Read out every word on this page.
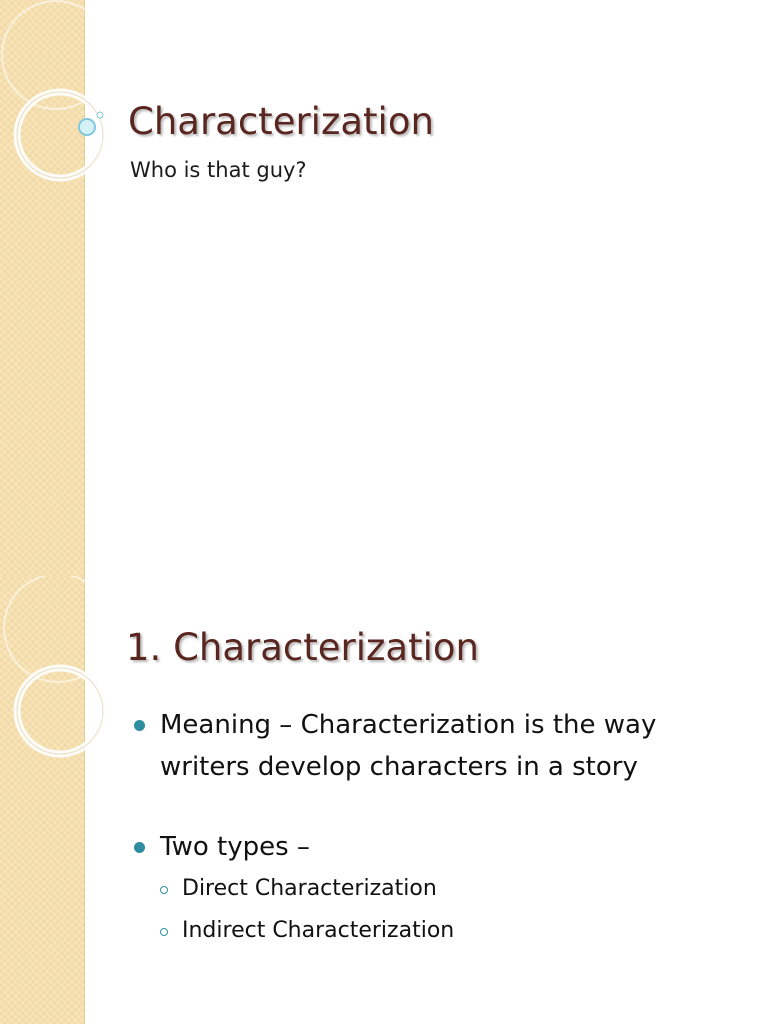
Characterization

Who is that guy?

1. Characterization
Meaning – Characterization is the way writers develop characters in a story
Two types –
Direct Characterization
Indirect Characterization
